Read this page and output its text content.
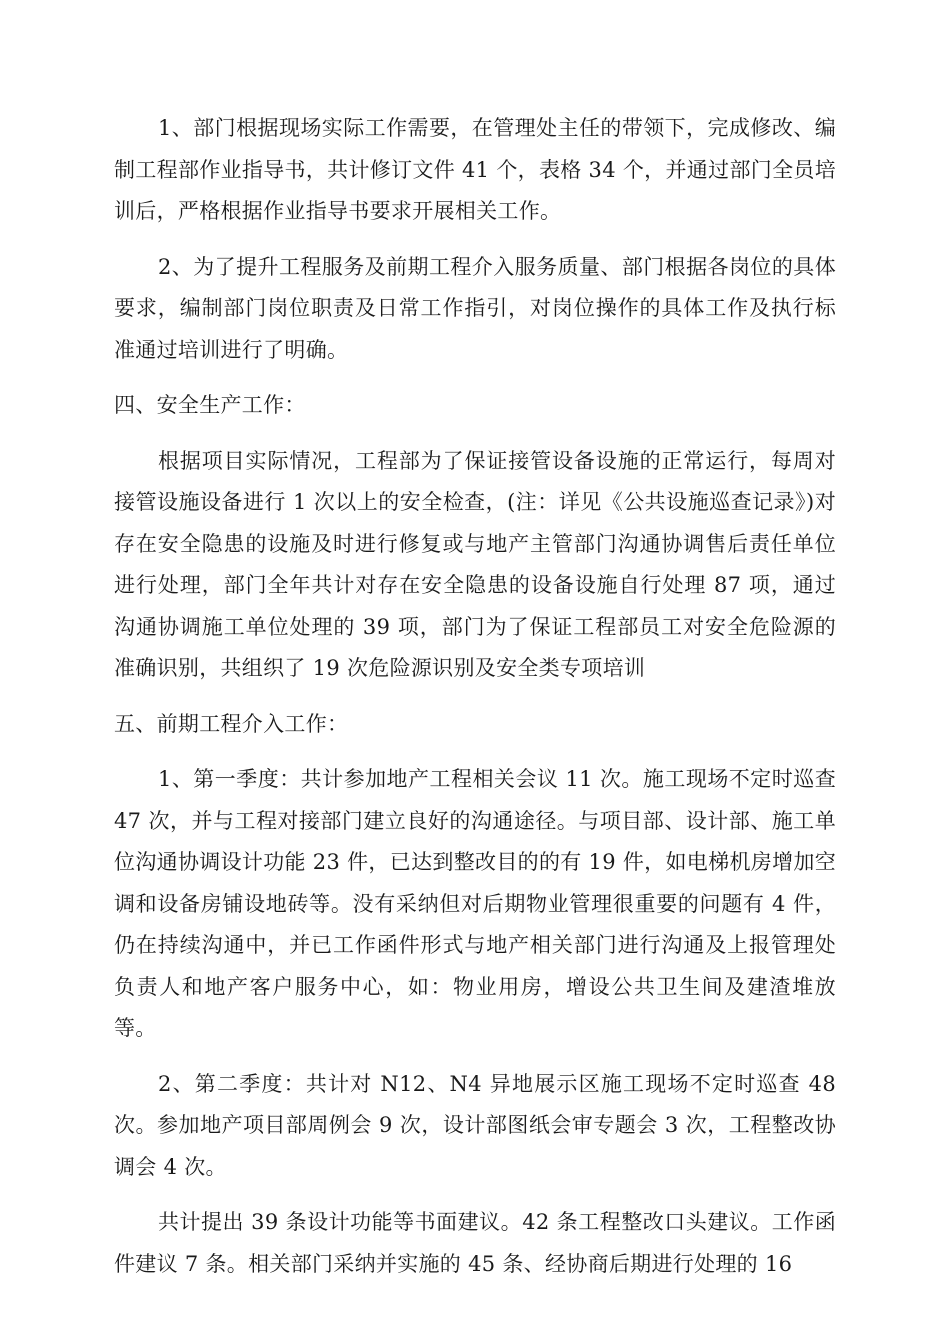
1、部门根据现场实际工作需要，在管理处主任的带领下，完成修改、编制工程部作业指导书，共计修订文件 41 个，表格 34 个，并通过部门全员培训后，严格根据作业指导书要求开展相关工作。

2、为了提升工程服务及前期工程介入服务质量、部门根据各岗位的具体要求，编制部门岗位职责及日常工作指引，对岗位操作的具体工作及执行标准通过培训进行了明确。

四、安全生产工作：

根据项目实际情况，工程部为了保证接管设备设施的正常运行，每周对接管设施设备进行 1 次以上的安全检查，(注：详见《公共设施巡查记录》)对存在安全隐患的设施及时进行修复或与地产主管部门沟通协调售后责任单位进行处理，部门全年共计对存在安全隐患的设备设施自行处理 87 项，通过沟通协调施工单位处理的 39 项，部门为了保证工程部员工对安全危险源的准确识别，共组织了 19 次危险源识别及安全类专项培训

五、前期工程介入工作：

1、第一季度：共计参加地产工程相关会议 11 次。施工现场不定时巡查 47 次，并与工程对接部门建立良好的沟通途径。与项目部、设计部、施工单位沟通协调设计功能 23 件，已达到整改目的的有 19 件，如电梯机房增加空调和设备房铺设地砖等。没有采纳但对后期物业管理很重要的问题有 4 件，仍在持续沟通中，并已工作函件形式与地产相关部门进行沟通及上报管理处负责人和地产客户服务中心，如：物业用房，增设公共卫生间及建渣堆放等。

2、第二季度：共计对 N12、N4 异地展示区施工现场不定时巡查 48 次。参加地产项目部周例会 9 次，设计部图纸会审专题会 3 次，工程整改协调会 4 次。

共计提出 39 条设计功能等书面建议。42 条工程整改口头建议。工作函件建议 7 条。相关部门采纳并实施的 45 条、经协商后期进行处理的 16
